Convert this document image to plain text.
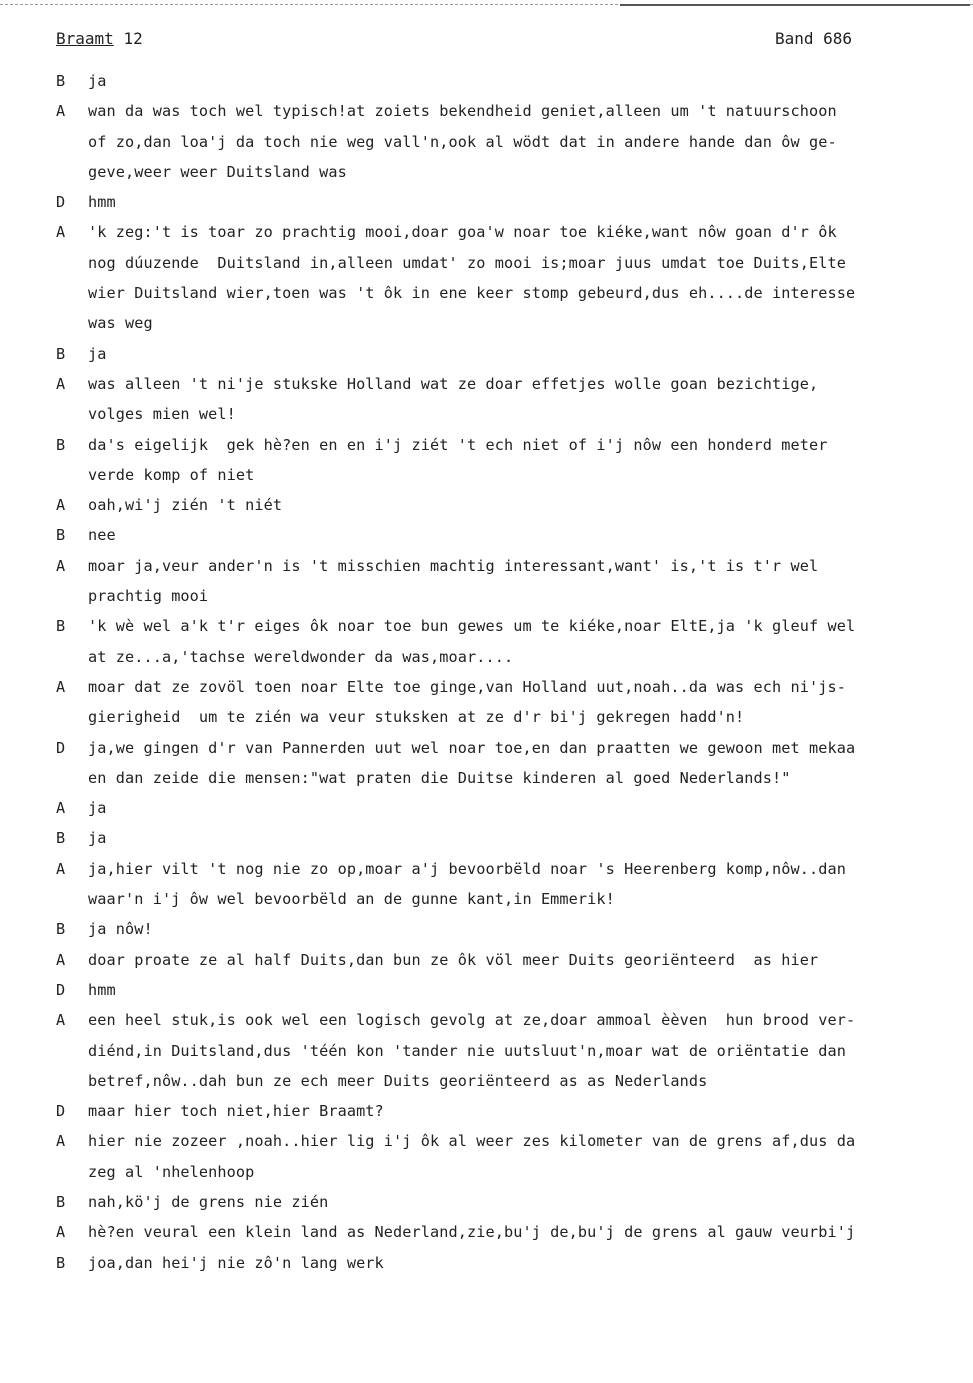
Braamt 12	Band 686
B	ja
A	wan da was toch wel typisch!at zoiets bekendheid geniet,alleen um 't natuurschoon
of zo,dan loa'j da toch nie weg vall'n,ook al wödt dat in andere hande dan ôw ge-
geve,weer weer Duitsland was
D	hmm
A	'k zeg:'t is toar zo prachtig mooi,doar goa'w noar toe kiéke,want nôw goan d'r ôk
nog dúuzende  Duitsland in,alleen umdat' zo mooi is;moar juus umdat toe Duits,Elte
wier Duitsland wier,toen was 't ôk in ene keer stomp gebeurd,dus eh....de interesse
was weg
B	ja
A	was alleen 't ni'je stukske Holland wat ze doar effetjes wolle goan bezichtige,
volges mien wel!
B	da's eigelijk  gek hè?en en en i'j ziét 't ech niet of i'j nôw een honderd meter
verde komp of niet
A	oah,wi'j zién 't niét
B	nee
A	moar ja,veur ander'n is 't misschien machtig interessant,want' is,'t is t'r wel
prachtig mooi
B	'k wè wel a'k t'r eiges ôk noar toe bun gewes um te kiéke,noar EltE,ja 'k gleuf wel
at ze...a,'tachse wereldwonder da was,moar....
A	moar dat ze zovöl toen noar Elte toe ginge,van Holland uut,noah..da was ech ni'js-
gierigheid  um te zién wa veur stuksken at ze d'r bi'j gekregen hadd'n!
D	ja,we gingen d'r van Pannerden uut wel noar toe,en dan praatten we gewoon met mekaa
en dan zeide die mensen:"wat praten die Duitse kinderen al goed Nederlands!"
A	ja
B	ja
A	ja,hier vilt 't nog nie zo op,moar a'j bevoorbëld noar 's Heerenberg komp,nôw..dan
waar'n i'j ôw wel bevoorbëld an de gunne kant,in Emmerik!
B	ja nôw!
A	doar proate ze al half Duits,dan bun ze ôk völ meer Duits georiënteerd  as hier
D	hmm
A	een heel stuk,is ook wel een logisch gevolg at ze,doar ammoal èèven  hun brood ver-
diénd,in Duitsland,dus 'téén kon 'tander nie uutsluut'n,moar wat de oriëntatie dan
betref,nôw..dah bun ze ech meer Duits georiënteerd as as Nederlands
D	maar hier toch niet,hier Braamt?
A	hier nie zozeer ,noah..hier lig i'j ôk al weer zes kilometer van de grens af,dus da
zeg al 'nhelenhoop
B	nah,kö'j de grens nie zién
A	hè?en veural een klein land as Nederland,zie,bu'j de,bu'j de grens al gauw veurbi'j
B	joa,dan hei'j nie zô'n lang werk
